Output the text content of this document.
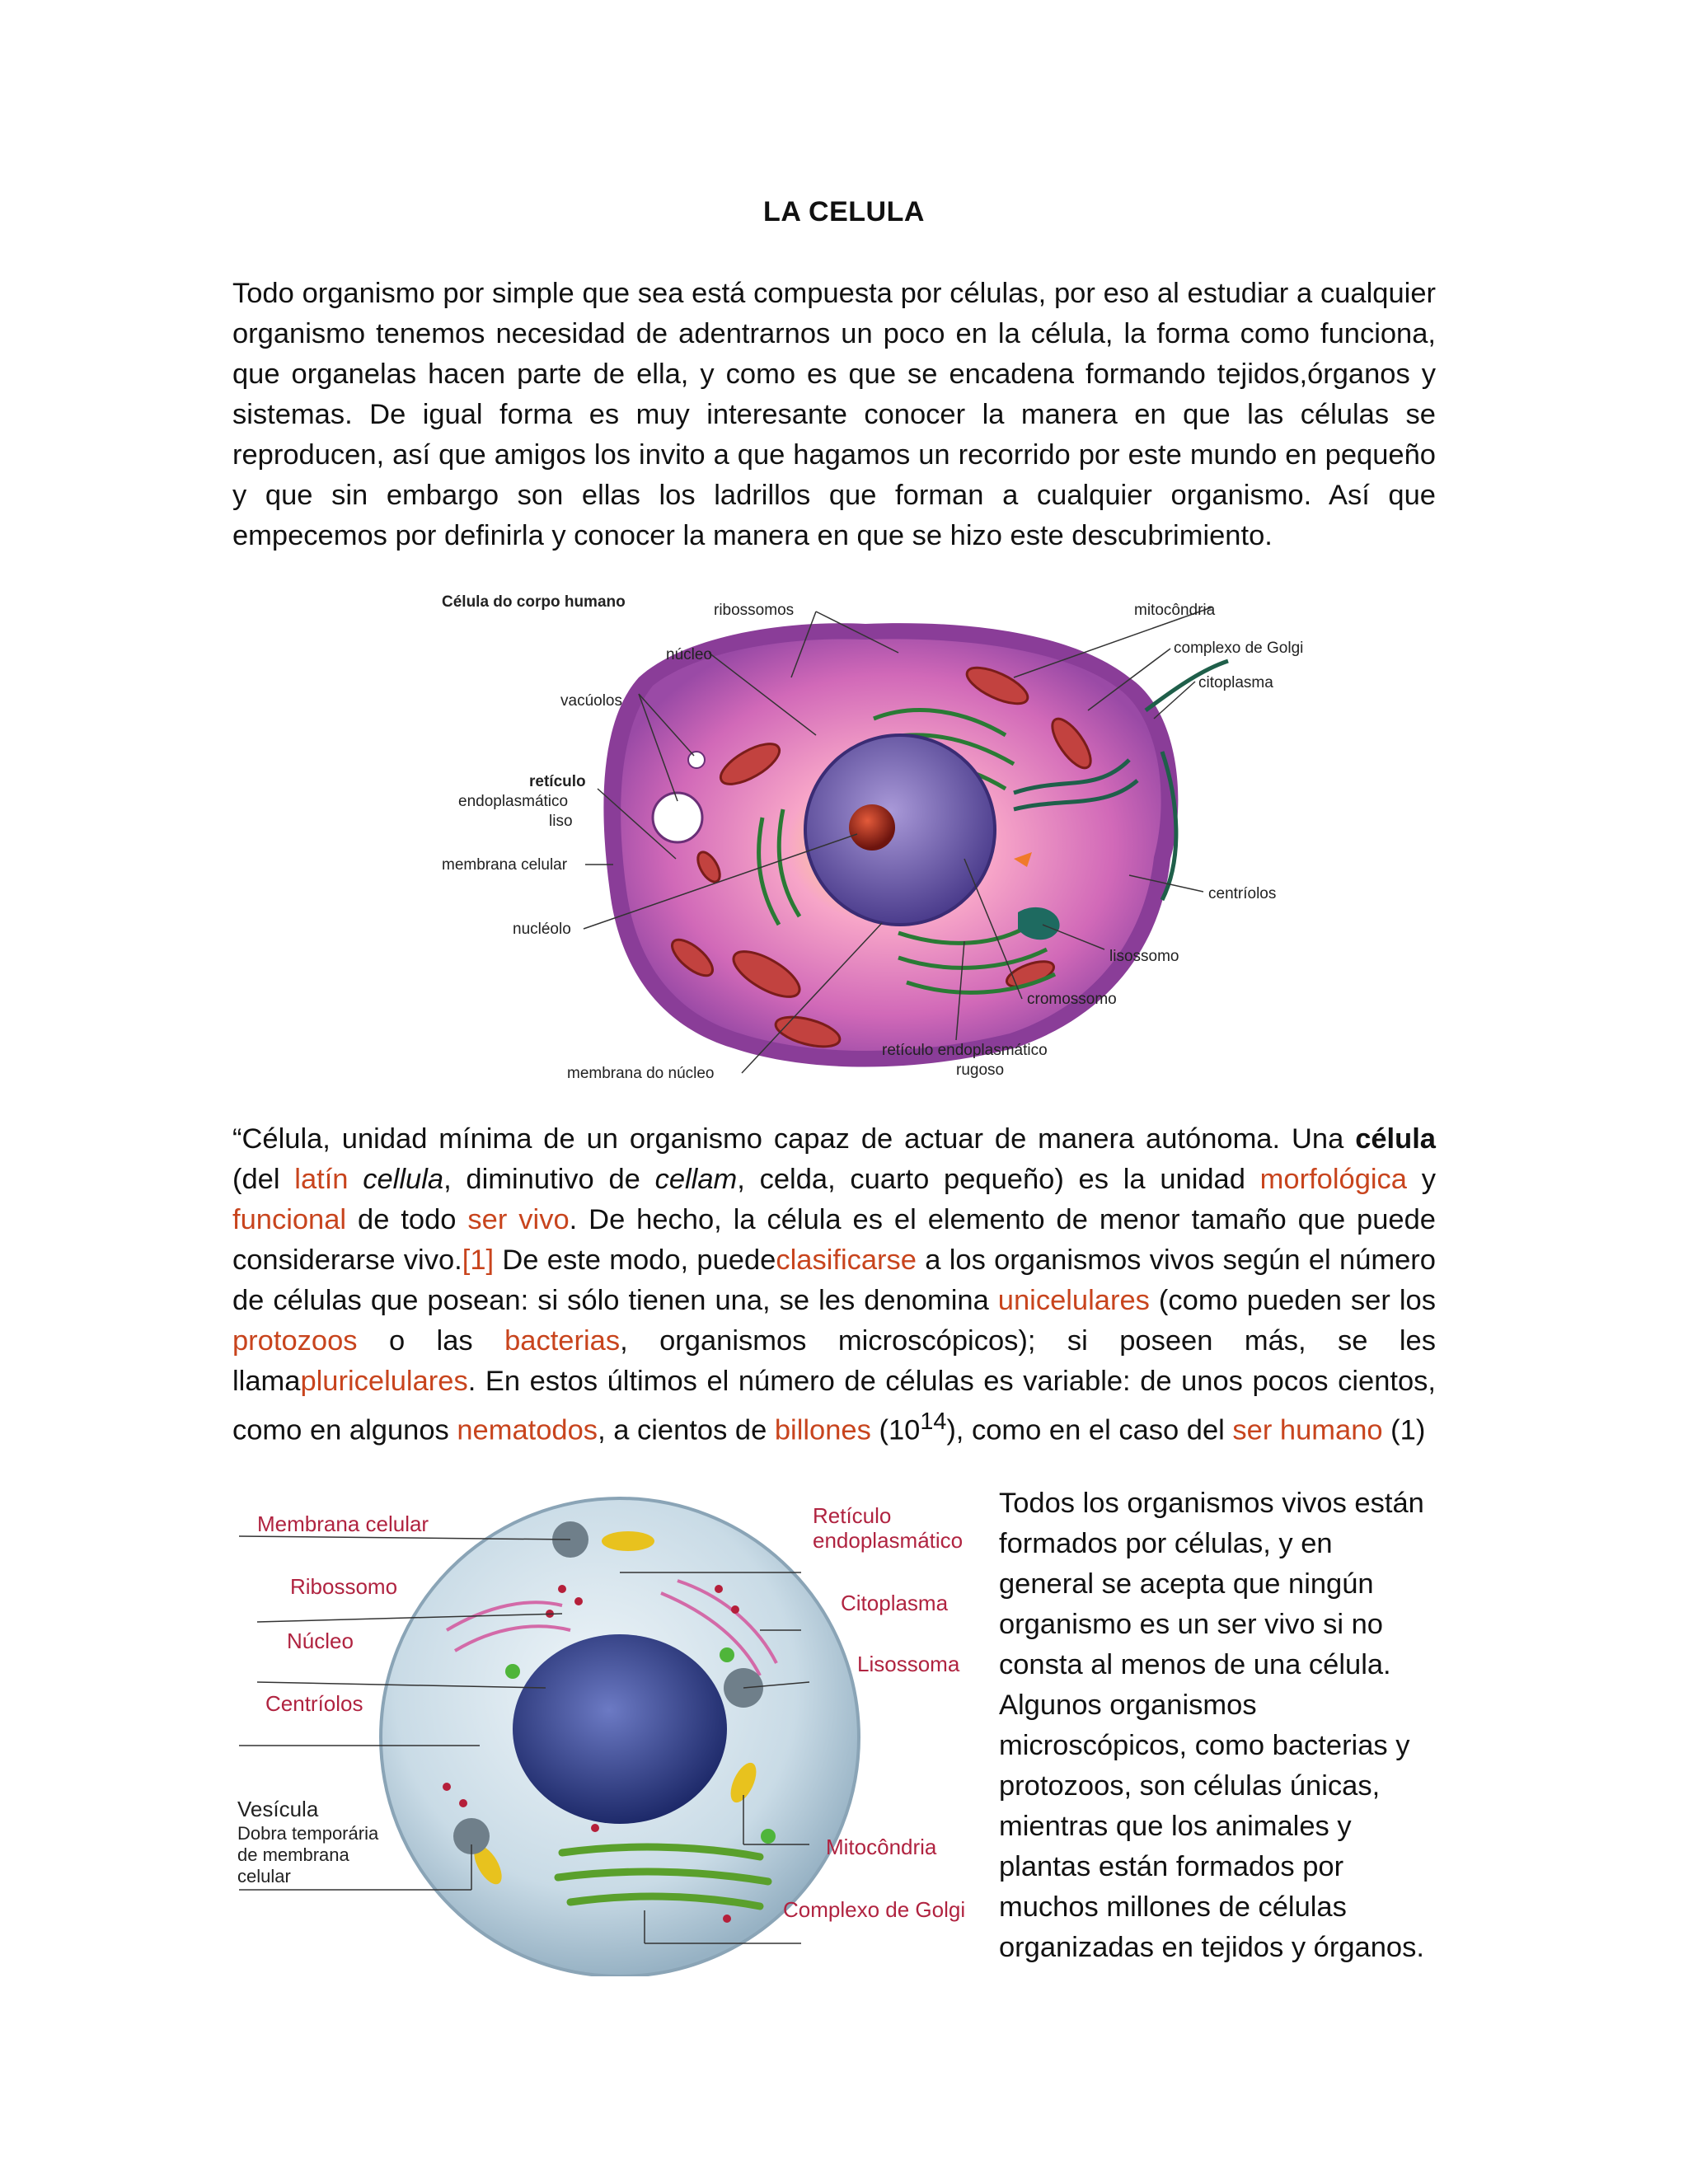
LA CELULA

Todo organismo por simple que sea está compuesta por células, por eso al estudiar a cualquier organismo tenemos necesidad de adentrarnos un poco en la célula, la forma como funciona, que organelas hacen parte de ella, y como es que se encadena formando tejidos,órganos y sistemas. De igual forma es muy interesante conocer la manera en que las células se reproducen, así que amigos los invito a que hagamos un recorrido por este mundo en pequeño y que sin embargo son ellas los ladrillos que forman a cualquier organismo. Así que empecemos por definirla y conocer la manera en que se hizo este descubrimiento.

Célula do corpo humano	ribossomos
núcleo
vacúolos
retículo
endoplasmático
liso
membrana celular
nucléolo
membrana do núcleo
retículo endoplasmático
rugoso
cromossomo
lisossomo
centríolos
citoplasma
complexo de Golgi
mitocôndria

“Célula, unidad mínima de un organismo capaz de actuar de manera autónoma. Una célula (del latín cellula, diminutivo de cellam, celda, cuarto pequeño) es la unidad morfológica y funcional de todo ser vivo. De hecho, la célula es el elemento de menor tamaño que puede considerarse vivo.[1] De este modo, puedeclasificarse a los organismos vivos según el número de células que posean: si sólo tienen una, se les denomina unicelulares (como pueden ser los protozoos o las bacterias, organismos microscópicos); si poseen más, se les llamapluricelulares. En estos últimos el número de células es variable: de unos pocos cientos, como en algunos nematodos, a cientos de billones $(10^{14})$, como en el caso del ser humano (1)

Membrana celular
Ribossomo
Núcleo
Centríolos
Retículo
endoplasmático
Citoplasma
Lisossoma
Mitocôndria
Complexo de Golgi
Vesícula
Dobra temporária
de membrana
celular

Todos los organismos vivos están
formados por células, y en
general se acepta que ningún
organismo es un ser vivo si no
consta al menos de una célula.
Algunos organismos
microscópicos, como bacterias y
protozoos, son células únicas,
mientras que los animales y
plantas están formados por
muchos millones de células
organizadas en tejidos y órganos.
